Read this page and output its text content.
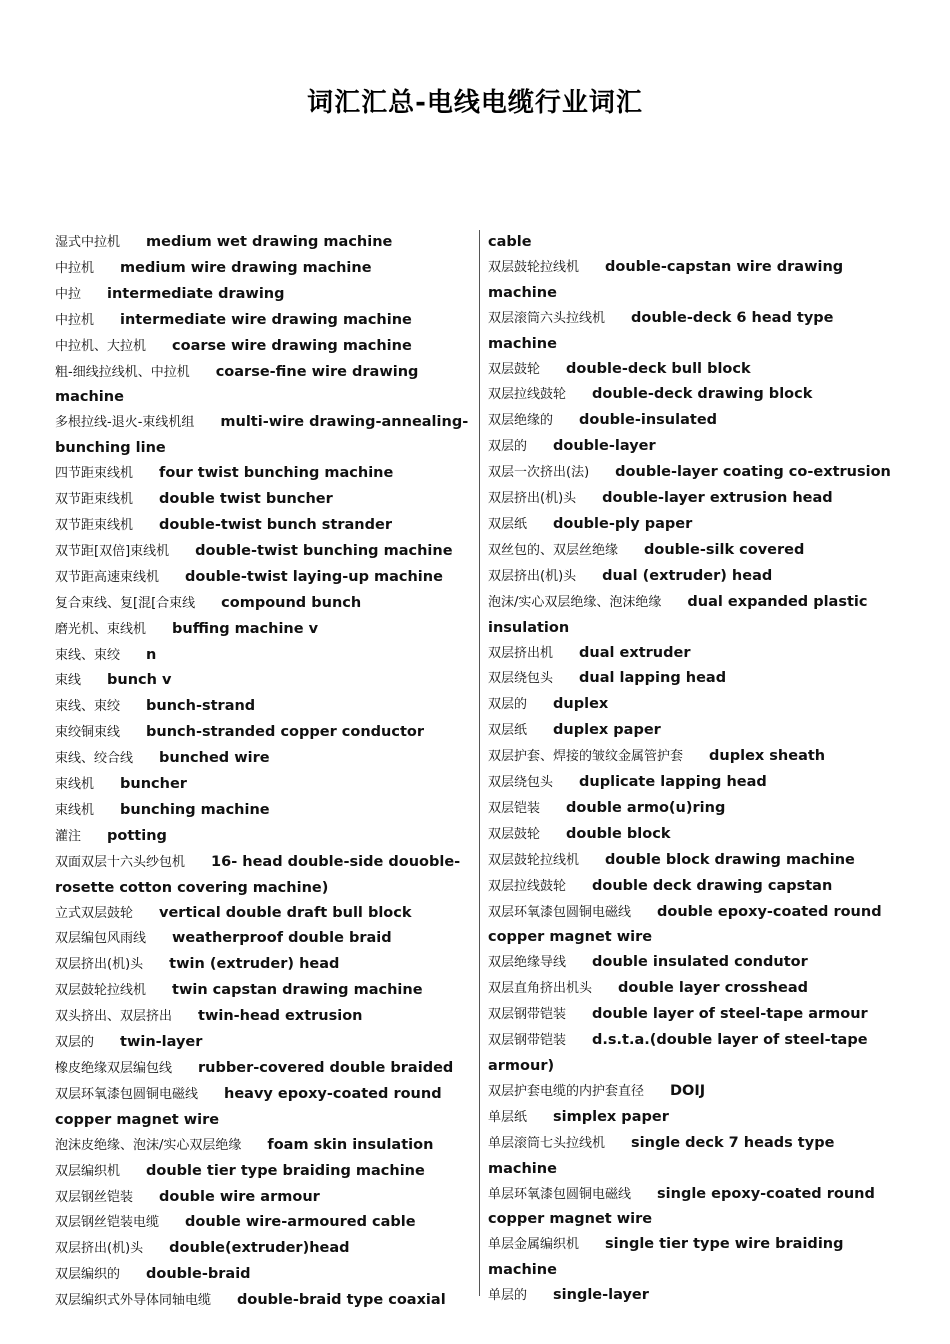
词汇汇总-电线电缆行业词汇
湿式中拉机 medium wet drawing machine
中拉机 medium wire drawing machine
中拉 intermediate drawing
中拉机 intermediate wire drawing machine
中拉机、大拉机 coarse wire drawing machine
粗-细线拉线机、中拉机 coarse-fine wire drawing machine
多根拉线-退火-束线机组 multi-wire drawing-annealing-bunching line
四节距束线机 four twist bunching machine
双节距束线机 double twist buncher
双节距束线机 double-twist bunch strander
双节距[双倍]束线机 double-twist bunching machine
双节距高速束线机 double-twist laying-up machine
复合束线、复[混[合束线 compound bunch
磨光机、束线机 buffing machine v
束线、束绞 n
束线 bunch v
束线、束绞 bunch-strand
束绞铜束线 bunch-stranded copper conductor
束线、绞合线 bunched wire
束线机 buncher
束线机 bunching machine
灌注 potting
双面双层十六头纱包机 16- head double-side douoble-rosette cotton covering machine)
立式双层鼓轮 vertical double draft bull block
双层编包风雨线 weatherproof double braid
双层挤出(机)头 twin (extruder) head
双层鼓轮拉线机 twin capstan drawing machine
双头挤出、双层挤出 twin-head extrusion
双层的 twin-layer
橡皮绝缘双层编包线 rubber-covered double braided
双层环氧漆包圆铜电磁线 heavy epoxy-coated round copper magnet wire
泡沫皮绝缘、泡沫/实心双层绝缘 foam skin insulation
双层编织机 double tier type braiding machine
双层钢丝铠装 double wire armour
双层钢丝铠装电缆 double wire-armoured cable
双层挤出(机)头 double(extruder)head
双层编织的 double-braid
双层编织式外导体同轴电缆 double-braid type coaxial
cable
双层鼓轮拉线机 double-capstan wire drawing machine
双层滚筒六头拉线机 double-deck 6 head type machine
双层鼓轮 double-deck bull block
双层拉线鼓轮 double-deck drawing block
双层绝缘的 double-insulated
双层的 double-layer
双层一次挤出(法) double-layer coating co-extrusion
双层挤出(机)头 double-layer extrusion head
双层纸 double-ply paper
双丝包的、双层丝绝缘 double-silk covered
双层挤出(机)头 dual (extruder) head
泡沫/实心双层绝缘、泡沫绝缘 dual expanded plastic insulation
双层挤出机 dual extruder
双层绕包头 dual lapping head
双层的 duplex
双层纸 duplex paper
双层护套、焊接的皱纹金属管护套 duplex sheath
双层绕包头 duplicate lapping head
双层铠装 double armo(u)ring
双层鼓轮 double block
双层鼓轮拉线机 double block drawing machine
双层拉线鼓轮 double deck drawing capstan
双层环氧漆包圆铜电磁线 double epoxy-coated round copper magnet wire
双层绝缘导线 double insulated condutor
双层直角挤出机头 double layer crosshead
双层钢带铠装 double layer of steel-tape armour
双层钢带铠装 d.s.t.a.(double layer of steel-tape armour)
双层护套电缆的内护套直径 DOIJ
单层纸 simplex paper
单层滚筒七头拉线机 single deck 7 heads type machine
单层环氧漆包圆铜电磁线 single epoxy-coated round copper magnet wire
单层金属编织机 single tier type wire braiding machine
单层的 single-layer
